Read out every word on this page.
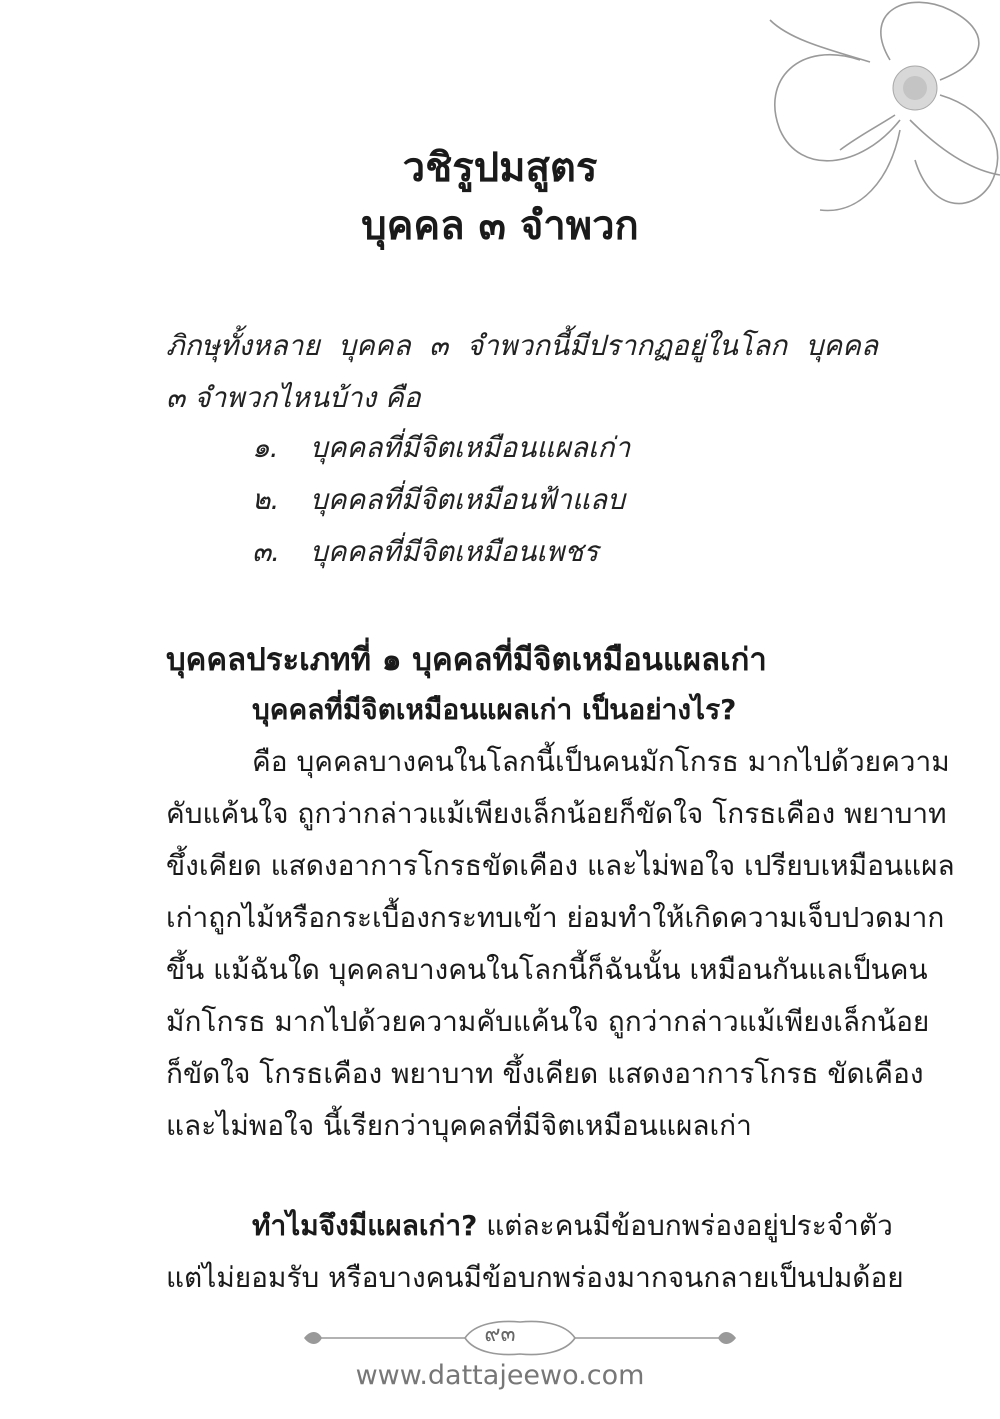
วชิรูปมสูตร
บุคคล ๓ จำพวก
ภิกษุทั้งหลาย บุคคล ๓ จำพวกนี้มีปรากฏอยู่ในโลก บุคคล
๓ จำพวกไหนบ้าง คือ
๑. บุคคลที่มีจิตเหมือนแผลเก่า
๒. บุคคลที่มีจิตเหมือนฟ้าแลบ
๓. บุคคลที่มีจิตเหมือนเพชร
บุคคลประเภทที่ ๑ บุคคลที่มีจิตเหมือนแผลเก่า
บุคคลที่มีจิตเหมือนแผลเก่า เป็นอย่างไร?
คือ บุคคลบางคนในโลกนี้เป็นคนมักโกรธ มากไปด้วยความ
คับแค้นใจ ถูกว่ากล่าวแม้เพียงเล็กน้อยก็ขัดใจ โกรธเคือง พยาบาท
ขึ้งเคียด แสดงอาการโกรธขัดเคือง และไม่พอใจ เปรียบเหมือนแผล
เก่าถูกไม้หรือกระเบื้องกระทบเข้า ย่อมทำให้เกิดความเจ็บปวดมาก
ขึ้น แม้ฉันใด บุคคลบางคนในโลกนี้ก็ฉันนั้น เหมือนกันแลเป็นคน
มักโกรธ มากไปด้วยความคับแค้นใจ ถูกว่ากล่าวแม้เพียงเล็กน้อย
ก็ขัดใจ โกรธเคือง พยาบาท ขึ้งเคียด แสดงอาการโกรธ ขัดเคือง
และไม่พอใจ นี้เรียกว่าบุคคลที่มีจิตเหมือนแผลเก่า
ทำไมจึงมีแผลเก่า? แต่ละคนมีข้อบกพร่องอยู่ประจำตัว
แต่ไม่ยอมรับ หรือบางคนมีข้อบกพร่องมากจนกลายเป็นปมด้อย
๙๓
www.dattajeewo.com
